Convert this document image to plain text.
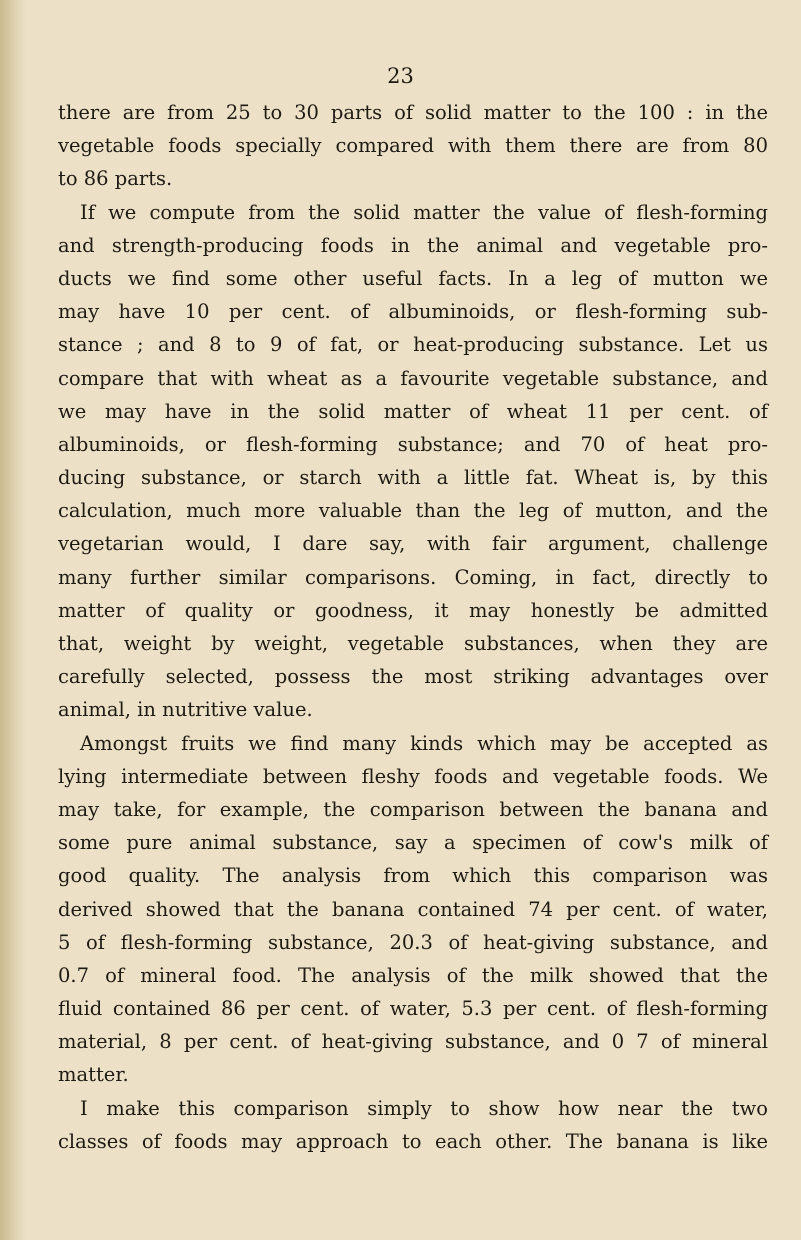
23
there are from 25 to 30 parts of solid matter to the 100 : in the
vegetable foods specially compared with them there are from 80
to 86 parts.
If we compute from the solid matter the value of flesh-forming
and strength-producing foods in the animal and vegetable pro-
ducts we find some other useful facts. In a leg of mutton we
may have 10 per cent. of albuminoids, or flesh-forming sub-
stance ; and 8 to 9 of fat, or heat-producing substance. Let us
compare that with wheat as a favourite vegetable substance, and
we may have in the solid matter of wheat 11 per cent. of
albuminoids, or flesh-forming substance; and 70 of heat pro-
ducing substance, or starch with a little fat. Wheat is, by this
calculation, much more valuable than the leg of mutton, and the
vegetarian would, I dare say, with fair argument, challenge
many further similar comparisons. Coming, in fact, directly to
matter of quality or goodness, it may honestly be admitted
that, weight by weight, vegetable substances, when they are
carefully selected, possess the most striking advantages over
animal, in nutritive value.
Amongst fruits we find many kinds which may be accepted as
lying intermediate between fleshy foods and vegetable foods. We
may take, for example, the comparison between the banana and
some pure animal substance, say a specimen of cow's milk of
good quality. The analysis from which this comparison was
derived showed that the banana contained 74 per cent. of water,
5 of flesh-forming substance, 20.3 of heat-giving substance, and
0.7 of mineral food. The analysis of the milk showed that the
fluid contained 86 per cent. of water, 5.3 per cent. of flesh-forming
material, 8 per cent. of heat-giving substance, and 0 7 of mineral
matter.
I make this comparison simply to show how near the two
classes of foods may approach to each other. The banana is like
